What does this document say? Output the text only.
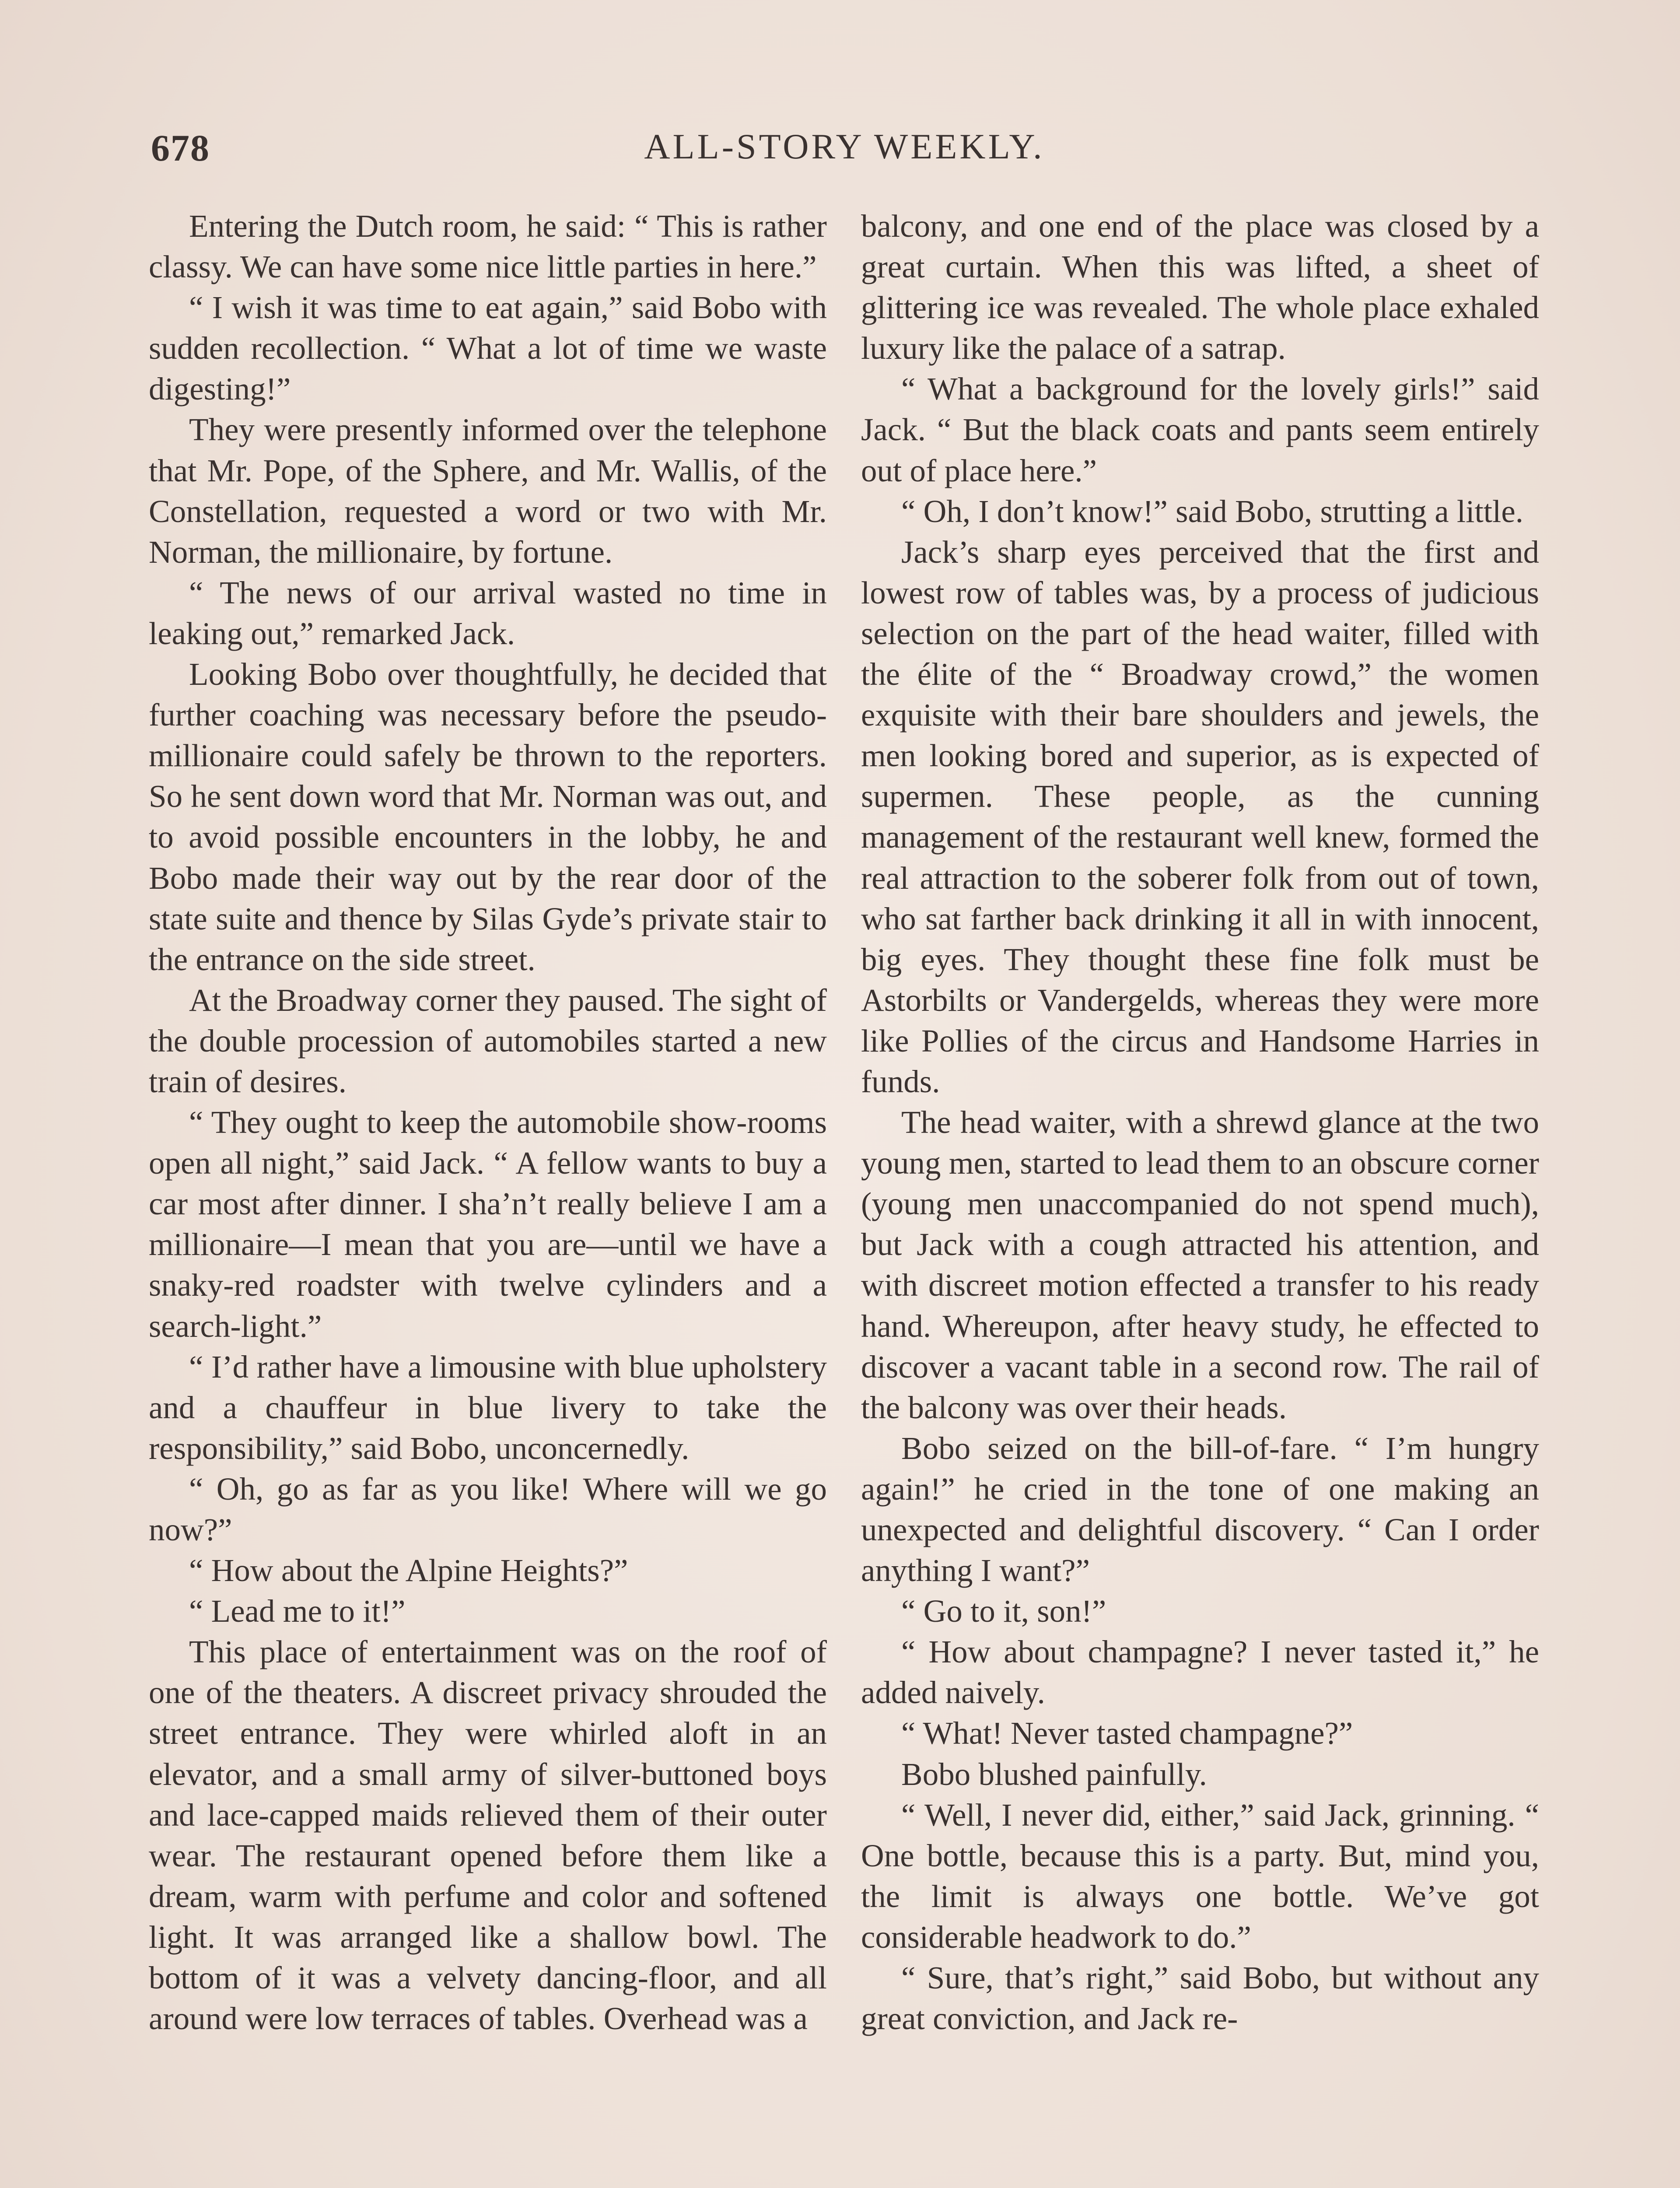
678	ALL-STORY WEEKLY.

Entering the Dutch room, he said: “ This is rather classy. We can have some nice little parties in here.”

“ I wish it was time to eat again,” said Bobo with sudden recollection. “ What a lot of time we waste digesting!”

They were presently informed over the telephone that Mr. Pope, of the Sphere, and Mr. Wallis, of the Constellation, requested a word or two with Mr. Norman, the millionaire, by fortune.

“ The news of our arrival wasted no time in leaking out,” remarked Jack.

Looking Bobo over thoughtfully, he decided that further coaching was necessary before the pseudo-millionaire could safely be thrown to the reporters. So he sent down word that Mr. Norman was out, and to avoid possible encounters in the lobby, he and Bobo made their way out by the rear door of the state suite and thence by Silas Gyde’s private stair to the entrance on the side street.

At the Broadway corner they paused. The sight of the double procession of automobiles started a new train of desires.

“ They ought to keep the automobile show-rooms open all night,” said Jack. “ A fellow wants to buy a car most after dinner. I sha’n’t really believe I am a millionaire—I mean that you are—until we have a snaky-red roadster with twelve cylinders and a search-light.”

“ I’d rather have a limousine with blue upholstery and a chauffeur in blue livery to take the responsibility,” said Bobo, unconcernedly.

“ Oh, go as far as you like! Where will we go now?”

“ How about the Alpine Heights?”

“ Lead me to it!”

This place of entertainment was on the roof of one of the theaters. A discreet privacy shrouded the street entrance. They were whirled aloft in an elevator, and a small army of silver-buttoned boys and lace-capped maids relieved them of their outer wear. The restaurant opened before them like a dream, warm with perfume and color and softened light. It was arranged like a shallow bowl. The bottom of it was a velvety dancing-floor, and all around were low terraces of tables. Overhead was a

balcony, and one end of the place was closed by a great curtain. When this was lifted, a sheet of glittering ice was revealed. The whole place exhaled luxury like the palace of a satrap.

“ What a background for the lovely girls!” said Jack. “ But the black coats and pants seem entirely out of place here.”

“ Oh, I don’t know!” said Bobo, strutting a little.

Jack’s sharp eyes perceived that the first and lowest row of tables was, by a process of judicious selection on the part of the head waiter, filled with the élite of the “ Broadway crowd,” the women exquisite with their bare shoulders and jewels, the men looking bored and superior, as is expected of supermen. These people, as the cunning management of the restaurant well knew, formed the real attraction to the soberer folk from out of town, who sat farther back drinking it all in with innocent, big eyes. They thought these fine folk must be Astorbilts or Vandergelds, whereas they were more like Pollies of the circus and Handsome Harries in funds.

The head waiter, with a shrewd glance at the two young men, started to lead them to an obscure corner (young men unaccompanied do not spend much), but Jack with a cough attracted his attention, and with discreet motion effected a transfer to his ready hand. Whereupon, after heavy study, he effected to discover a vacant table in a second row. The rail of the balcony was over their heads.

Bobo seized on the bill-of-fare. “ I’m hungry again!” he cried in the tone of one making an unexpected and delightful discovery. “ Can I order anything I want?”

“ Go to it, son!”

“ How about champagne? I never tasted it,” he added naively.

“ What! Never tasted champagne?”

Bobo blushed painfully.

“ Well, I never did, either,” said Jack, grinning. “ One bottle, because this is a party. But, mind you, the limit is always one bottle. We’ve got considerable headwork to do.”

“ Sure, that’s right,” said Bobo, but without any great conviction, and Jack re-
